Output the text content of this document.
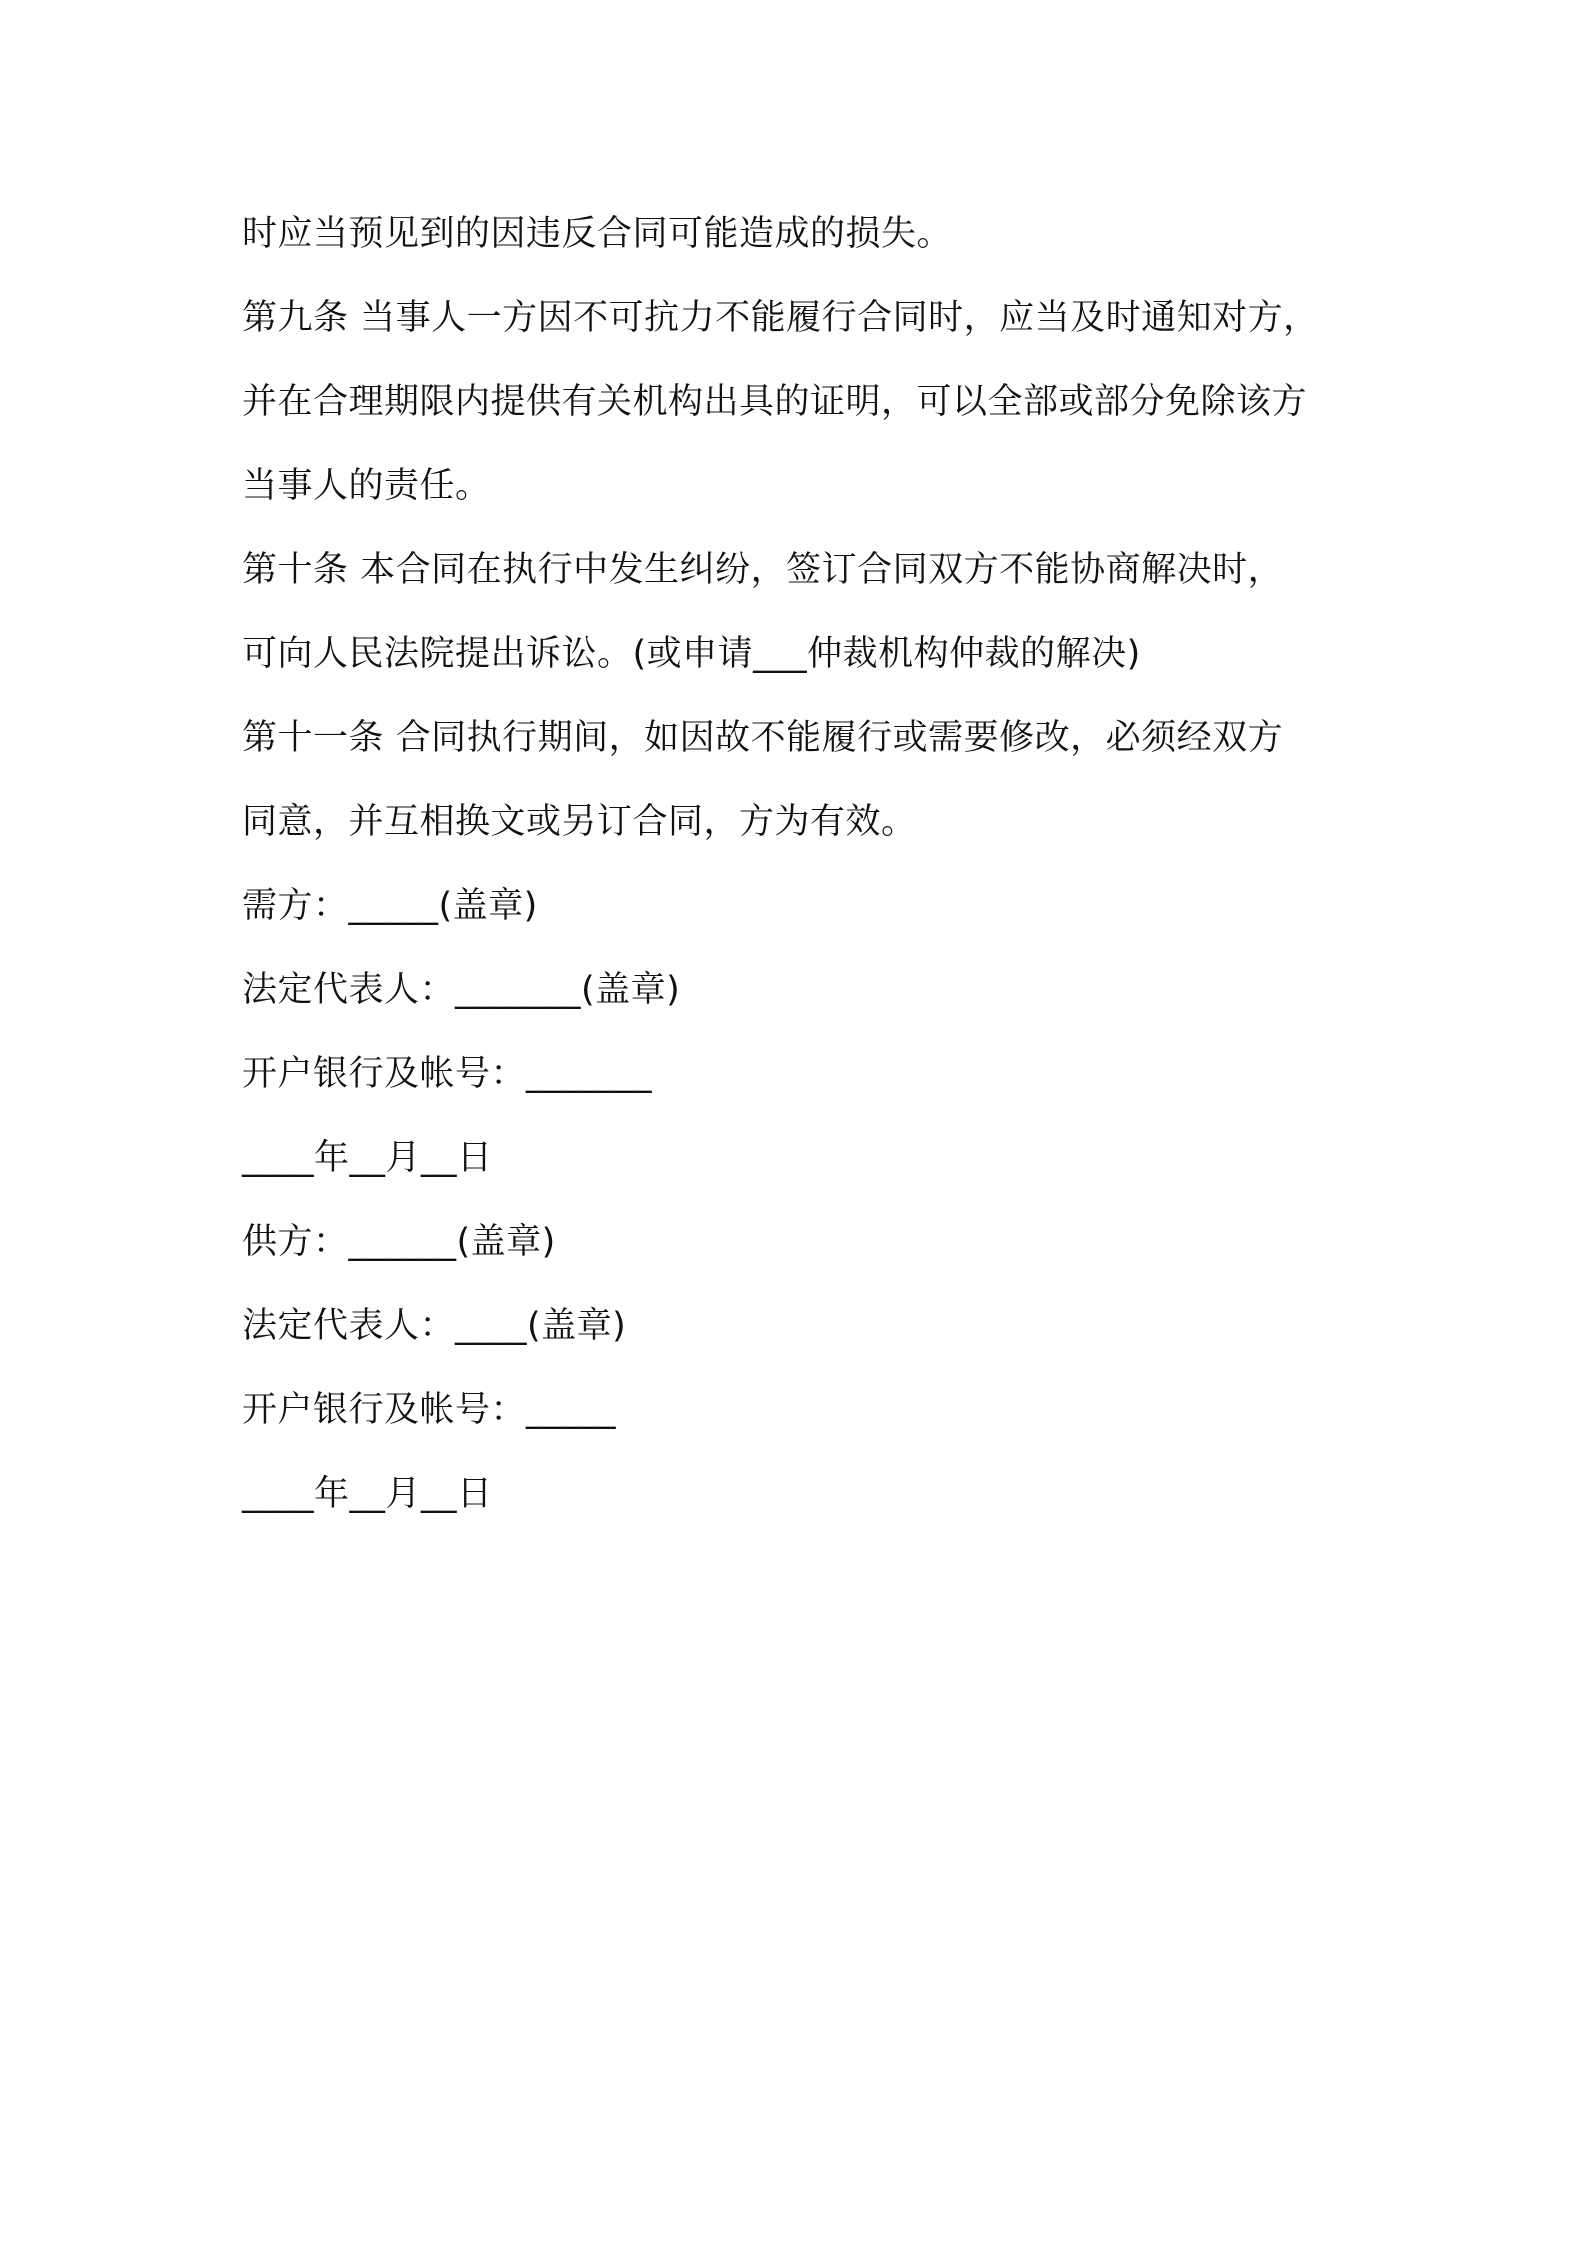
时应当预见到的因违反合同可能造成的损失。
第九条 当事人一方因不可抗力不能履行合同时，应当及时通知对方，
并在合理期限内提供有关机构出具的证明，可以全部或部分免除该方
当事人的责任。
第十条 本合同在执行中发生纠纷，签订合同双方不能协商解决时，
可向人民法院提出诉讼。(或申请___仲裁机构仲裁的解决)
第十一条 合同执行期间，如因故不能履行或需要修改，必须经双方
同意，并互相换文或另订合同，方为有效。
需方：_____(盖章)
法定代表人：_______(盖章)
开户银行及帐号：_______
____年__月__日
供方：______(盖章)
法定代表人：____(盖章)
开户银行及帐号：_____
____年__月__日
